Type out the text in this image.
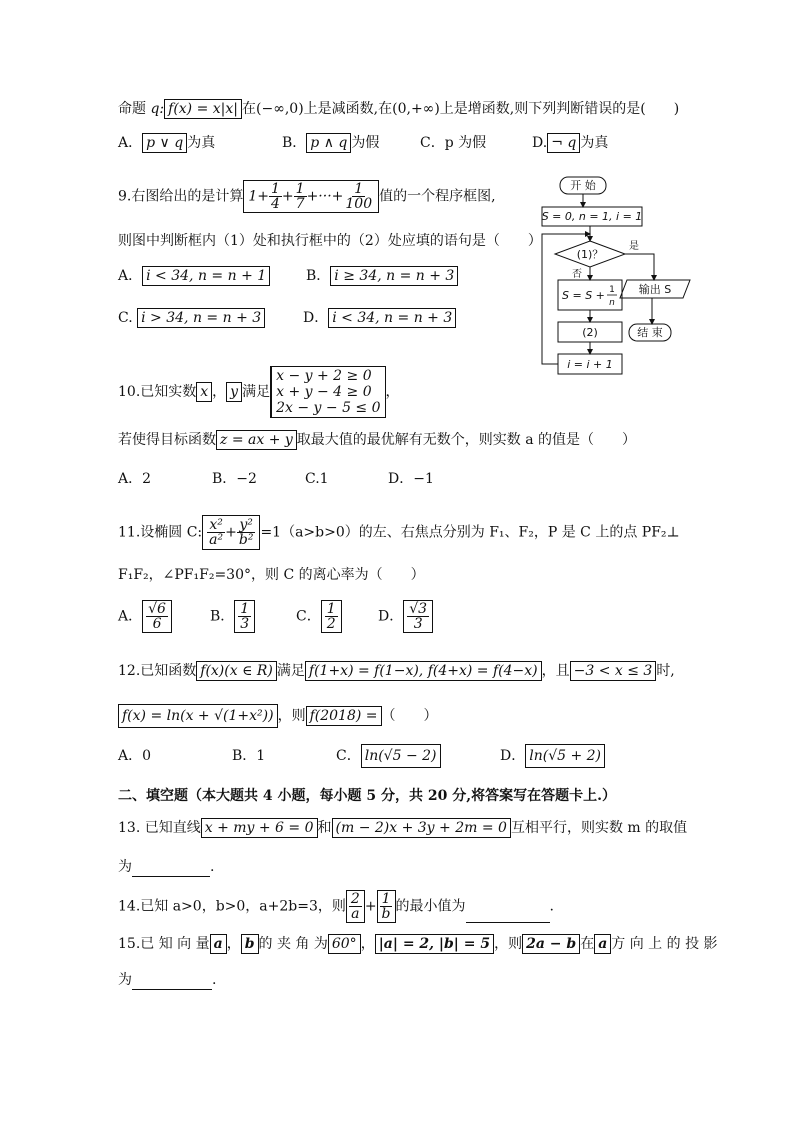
命题 q: f(x) = x|x| 在(−∞,0)上是减函数,在(0,+∞)上是增函数,则下列判断错误的是(　　)
A． p ∨ q 为真	B． p ∧ q 为假	C．p 为假	D. ¬ q 为真
9.右图给出的是计算 $1+ \frac{1}{4} + \frac{1}{7}$ +···+ $\frac{1}{100}$ 值的一个程序框图,
则图中判断框内（1）处和执行框中的（2）处应填的语句是（　　）
A． i < 34, n = n + 1	B． i ≥ 34, n = n + 3
C. i > 34, n = n + 3	D． i < 34, n = n + 3
开 始
S = 0, n = 1, i = 1
(1)？
是
否
S = S + 1
n
输出 S
(2)	结 束
i = i + 1
10.已知实数 x ， y 满足
x − y + 2 ≥ 0
x + y − 4 ≥ 0
2x − y − 5 ≤ 0
，
若使得目标函数 z = ax + y 取最大值的最优解有无数个，则实数 a 的值是（　　）
A．2	B．−2	C.1	D．−1
11.设椭圆 C: $\frac{\text{x²}}{\text{a²}} + \frac{\text{y²}}{\text{b²}} =1(a>b>0)$的左、右焦点分别为 F₁、F₂，P 是 C 上的点 PF₂⊥
F₁F₂，∠PF₁F₂=30°，则 C 的离心率为（　　）
A． $\frac{√6}{6}$	B． $\frac{1}{3}$	C． $\frac{1}{2}$	D． $\frac{√3}{3}$
12.已知函数 f(x)(x ∈ R) 满足 f(1+x) = f(1−x), f(4+x) = f(4−x) ，且 −3 < x ≤ 3 时,
f(x) = ln(x + √(1+x²)) ，则 f(2018) = （　　）
A．0	B．1	C． ln(√5 − 2)	D． ln(√5 + 2)
二、填空题（本大题共 4 小题，每小题 5 分，共 20 分,将答案写在答题卡上.）
13. 已知直线 x + my + 6 = 0 和 (m − 2)x + 3y + 2m = 0 互相平行，则实数 m 的取值
为	.
14.已知 a>0，b>0，a+2b=3，则 $\frac{2}{a} + \frac{1}{b}$ 的最小值为	.
15.已 知 向 量 a ， b 的 夹 角 为 60° ， |a| = 2, |b| = 5 ，则 2a − b 在 a 方 向 上 的 投 影
为	.
